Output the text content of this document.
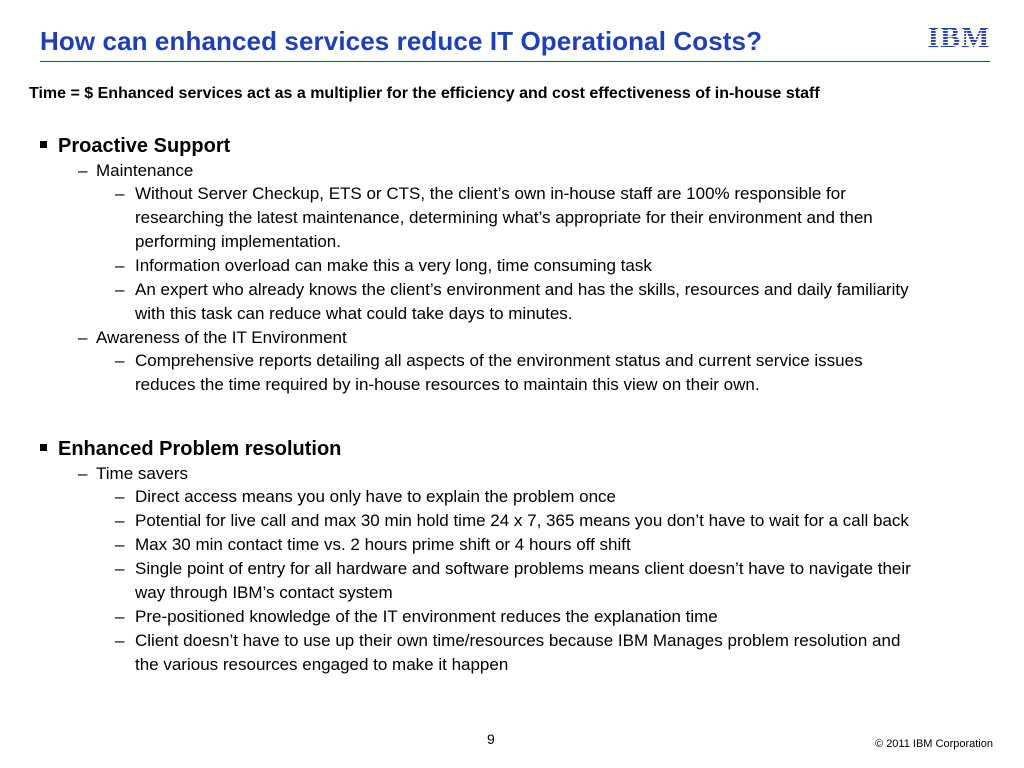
How can enhanced services reduce IT Operational Costs?	IBM
Time = $ Enhanced services act as a multiplier for the efficiency and cost effectiveness of in-house staff
Proactive Support
– Maintenance
– Without Server Checkup, ETS or CTS, the client’s own in-house staff are 100% responsible for researching the latest maintenance, determining what’s appropriate for their environment and then performing implementation.
– Information overload can make this a very long, time consuming task
– An expert who already knows the client’s environment and has the skills, resources and daily familiarity with this task can reduce what could take days to minutes.
– Awareness of the IT Environment
– Comprehensive reports detailing all aspects of the environment status and current service issues reduces the time required by in-house resources to maintain this view on their own.
Enhanced Problem resolution
– Time savers
– Direct access means you only have to explain the problem once
– Potential for live call and max 30 min hold time 24 x 7, 365 means you don’t have to wait for a call back
– Max 30 min contact time vs. 2 hours prime shift or 4 hours off shift
– Single point of entry for all hardware and software problems means client doesn’t have to navigate their way through IBM’s contact system
– Pre-positioned knowledge of the IT environment reduces the explanation time
– Client doesn’t have to use up their own time/resources because IBM Manages problem resolution and the various resources engaged to make it happen
9	© 2011 IBM Corporation
